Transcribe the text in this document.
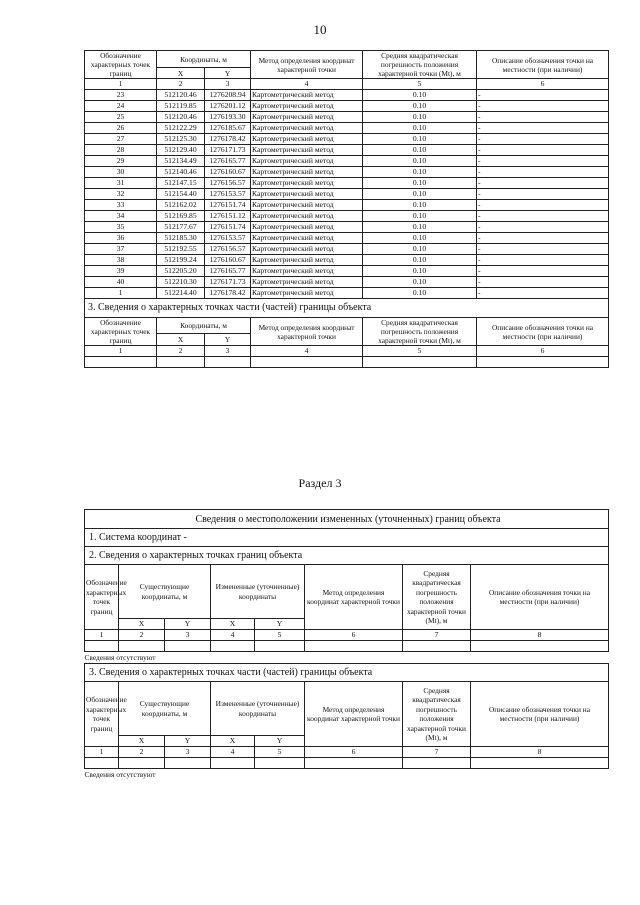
10
Обозначение характерных точек границ	Координаты, м		Метод определения координат характерной точки	Средняя квадратическая погрешность положения характерной точки (Mt), м	Описание обозначения точки на местности (при наличии)
	X	Y			
1	2	3	4	5	6
23	512120.46	1276208.94	Картометрический метод	0.10	-
24	512119.85	1276201.12	Картометрический метод	0.10	-
25	512120.46	1276193.30	Картометрический метод	0.10	-
26	512122.29	1276185.67	Картометрический метод	0.10	-
27	512125.30	1276178.42	Картометрический метод	0.10	-
28	512129.40	1276171.73	Картометрический метод	0.10	-
29	512134.49	1276165.77	Картометрический метод	0.10	-
30	512140.46	1276160.67	Картометрический метод	0.10	-
31	512147.15	1276156.57	Картометрический метод	0.10	-
32	512154.40	1276153.57	Картометрический метод	0.10	-
33	512162.02	1276151.74	Картометрический метод	0.10	-
34	512169.85	1276151.12	Картометрический метод	0.10	-
35	512177.67	1276151.74	Картометрический метод	0.10	-
36	512185.30	1276153.57	Картометрический метод	0.10	-
37	512192.55	1276156.57	Картометрический метод	0.10	-
38	512199.24	1276160.67	Картометрический метод	0.10	-
39	512205.20	1276165.77	Картометрический метод	0.10	-
40	512210.30	1276171.73	Картометрический метод	0.10	-
1	512214.40	1276178.42	Картометрический метод	0.10	-
3. Сведения о характерных точках части (частей) границы объекта					
Обозначение характерных точек границ	Координаты, м		Метод определения координат характерной точки	Средняя квадратическая погрешность положения характерной точки (Mt), м	Описание обозначения точки на местности (при наличии)
	X	Y			
1	2	3	4	5	6

Раздел 3
Сведения о местоположении измененных (уточненных) границ объекта							
1. Система координат -							
2. Сведения о характерных точках границ объекта							
Обозначение характерных точек границ	Существующие координаты, м		Измененные (уточненные) координаты		Метод определения координат характерной точки	Средняя квадратическая погрешность положения характерной точки (Mt), м	Описание обозначения точки на местности (при наличии)
	X	Y	X	Y			
1	2	3	4	5	6	7	8

Сведения отсутствуют							
3. Сведения о характерных точках части (частей) границы объекта							
Обозначение характерных точек границ	Существующие координаты, м		Измененные (уточненные) координаты		Метод определения координат характерной точки	Средняя квадратическая погрешность положения характерной точки (Mt), м	Описание обозначения точки на местности (при наличии)
	X	Y	X	Y			
1	2	3	4	5	6	7	8

Сведения отсутствуют							
